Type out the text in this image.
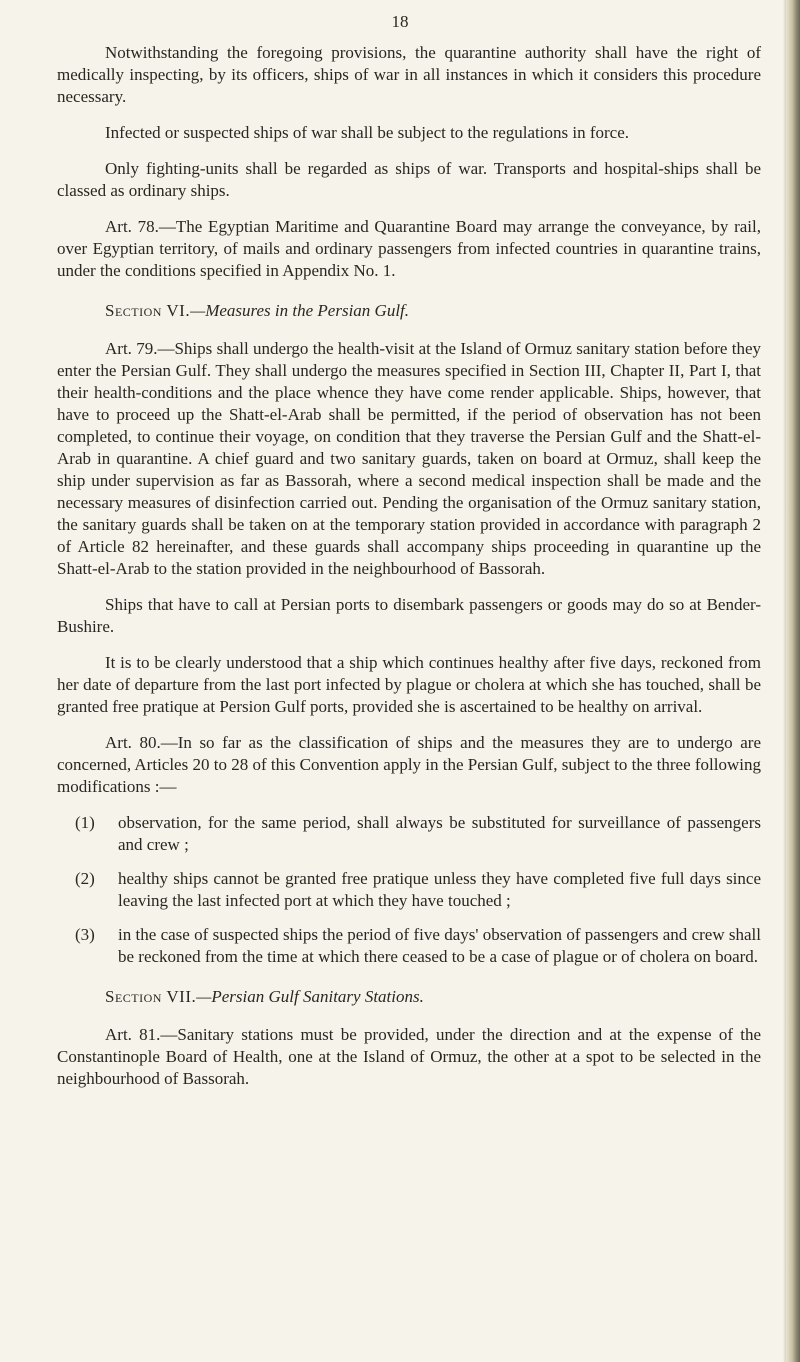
18

Notwithstanding the foregoing provisions, the quarantine authority shall have the right of medically inspecting, by its officers, ships of war in all instances in which it considers this procedure necessary.

Infected or suspected ships of war shall be subject to the regulations in force.

Only fighting-units shall be regarded as ships of war. Transports and hospital-ships shall be classed as ordinary ships.

Art. 78.—The Egyptian Maritime and Quarantine Board may arrange the conveyance, by rail, over Egyptian territory, of mails and ordinary passengers from infected countries in quarantine trains, under the conditions specified in Appendix No. 1.

Section VI.—Measures in the Persian Gulf.

Art. 79.—Ships shall undergo the health-visit at the Island of Ormuz sanitary station before they enter the Persian Gulf. They shall undergo the measures specified in Section III, Chapter II, Part I, that their health-conditions and the place whence they have come render applicable. Ships, however, that have to proceed up the Shatt-el-Arab shall be permitted, if the period of observation has not been completed, to continue their voyage, on condition that they traverse the Persian Gulf and the Shatt-el-Arab in quarantine. A chief guard and two sanitary guards, taken on board at Ormuz, shall keep the ship under supervision as far as Bassorah, where a second medical inspection shall be made and the necessary measures of disinfection carried out. Pending the organisation of the Ormuz sanitary station, the sanitary guards shall be taken on at the temporary station provided in accordance with paragraph 2 of Article 82 hereinafter, and these guards shall accompany ships proceeding in quarantine up the Shatt-el-Arab to the station provided in the neighbourhood of Bassorah.

Ships that have to call at Persian ports to disembark passengers or goods may do so at Bender-Bushire.

It is to be clearly understood that a ship which continues healthy after five days, reckoned from her date of departure from the last port infected by plague or cholera at which she has touched, shall be granted free pratique at Persion Gulf ports, provided she is ascertained to be healthy on arrival.

Art. 80.—In so far as the classification of ships and the measures they are to undergo are concerned, Articles 20 to 28 of this Convention apply in the Persian Gulf, subject to the three following modifications :—

(1) observation, for the same period, shall always be substituted for surveillance of passengers and crew ;
(2) healthy ships cannot be granted free pratique unless they have completed five full days since leaving the last infected port at which they have touched ;
(3) in the case of suspected ships the period of five days' observation of passengers and crew shall be reckoned from the time at which there ceased to be a case of plague or of cholera on board.

Section VII.—Persian Gulf Sanitary Stations.

Art. 81.—Sanitary stations must be provided, under the direction and at the expense of the Constantinople Board of Health, one at the Island of Ormuz, the other at a spot to be selected in the neighbourhood of Bassorah.
